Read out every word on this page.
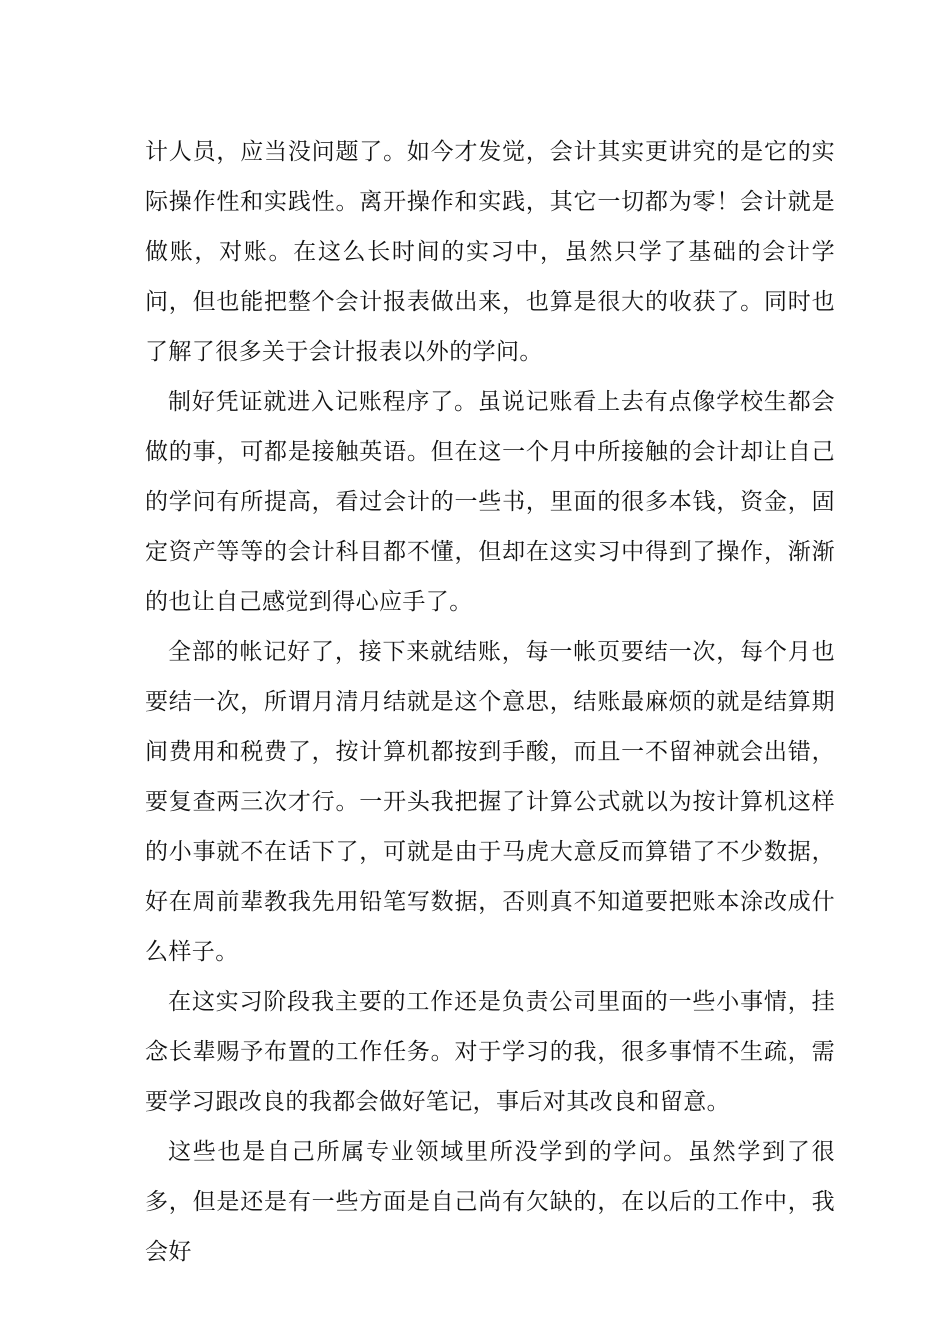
计人员，应当没问题了。如今才发觉，会计其实更讲究的是它的实际操作性和实践性。离开操作和实践，其它一切都为零！会计就是做账，对账。在这么长时间的实习中，虽然只学了基础的会计学问，但也能把整个会计报表做出来，也算是很大的收获了。同时也了解了很多关于会计报表以外的学问。

制好凭证就进入记账程序了。虽说记账看上去有点像学校生都会做的事，可都是接触英语。但在这一个月中所接触的会计却让自己的学问有所提高，看过会计的一些书，里面的很多本钱，资金，固定资产等等的会计科目都不懂，但却在这实习中得到了操作，渐渐的也让自己感觉到得心应手了。

全部的帐记好了，接下来就结账，每一帐页要结一次，每个月也要结一次，所谓月清月结就是这个意思，结账最麻烦的就是结算期间费用和税费了，按计算机都按到手酸，而且一不留神就会出错，要复查两三次才行。一开头我把握了计算公式就以为按计算机这样的小事就不在话下了，可就是由于马虎大意反而算错了不少数据，好在周前辈教我先用铅笔写数据，否则真不知道要把账本涂改成什么样子。

在这实习阶段我主要的工作还是负责公司里面的一些小事情，挂念长辈赐予布置的工作任务。对于学习的我，很多事情不生疏，需要学习跟改良的我都会做好笔记，事后对其改良和留意。

这些也是自己所属专业领域里所没学到的学问。虽然学到了很多，但是还是有一些方面是自己尚有欠缺的，在以后的工作中，我会好
